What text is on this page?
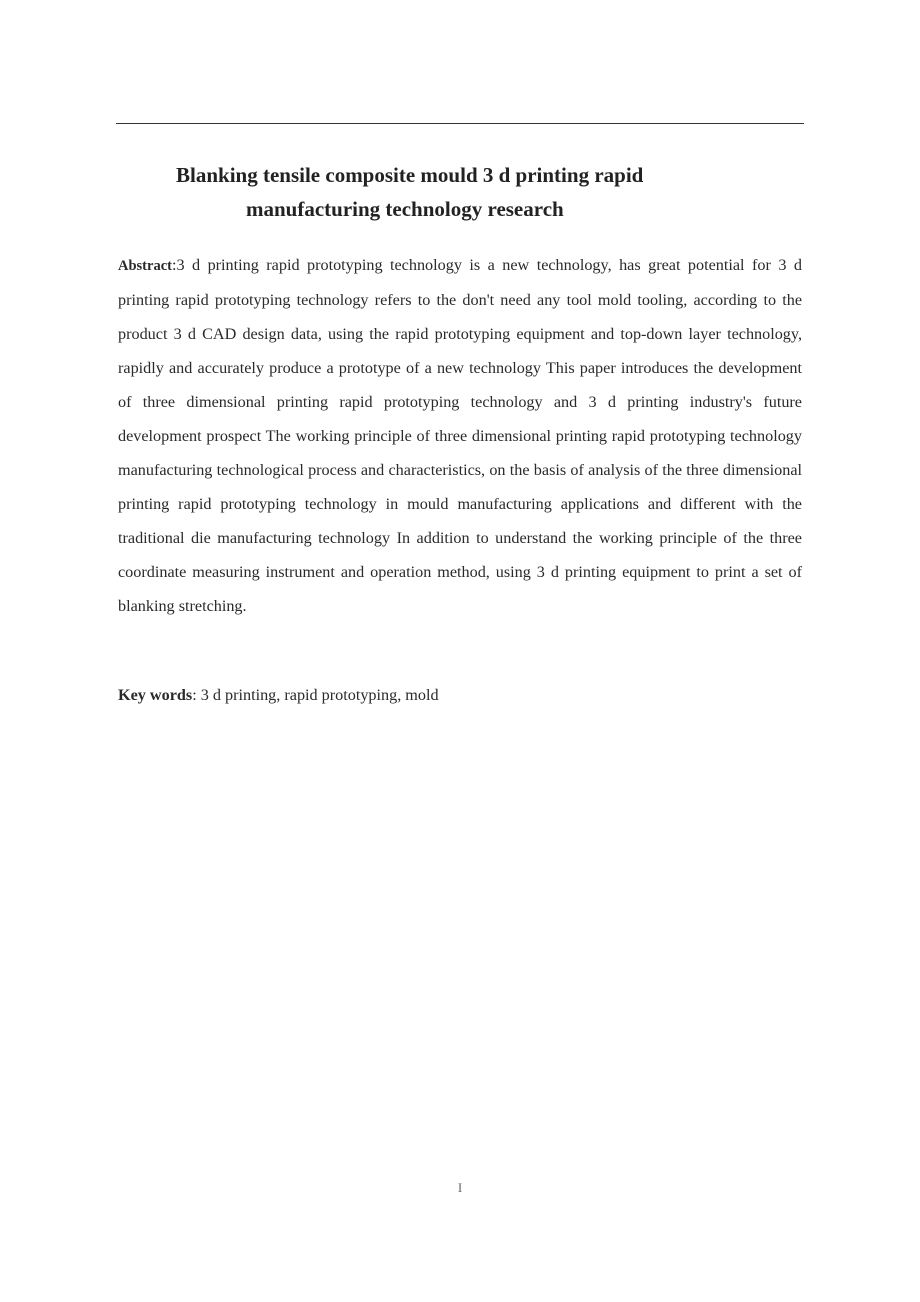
Blanking tensile composite mould 3 d printing rapid
manufacturing technology research

Abstract:3 d printing rapid prototyping technology is a new technology, has great potential for 3 d printing rapid prototyping technology refers to the don't need any tool mold tooling, according to the product 3 d CAD design data, using the rapid prototyping equipment and top-down layer technology, rapidly and accurately produce a prototype of a new technology This paper introduces the development of three dimensional printing rapid prototyping technology and 3 d printing industry's future development prospect The working principle of three dimensional printing rapid prototyping technology manufacturing technological process and characteristics, on the basis of analysis of the three dimensional printing rapid prototyping technology in mould manufacturing applications and different with the traditional die manufacturing technology In addition to understand the working principle of the three coordinate measuring instrument and operation method, using 3 d printing equipment to print a set of blanking stretching.

Key words: 3 d printing, rapid prototyping, mold

I
